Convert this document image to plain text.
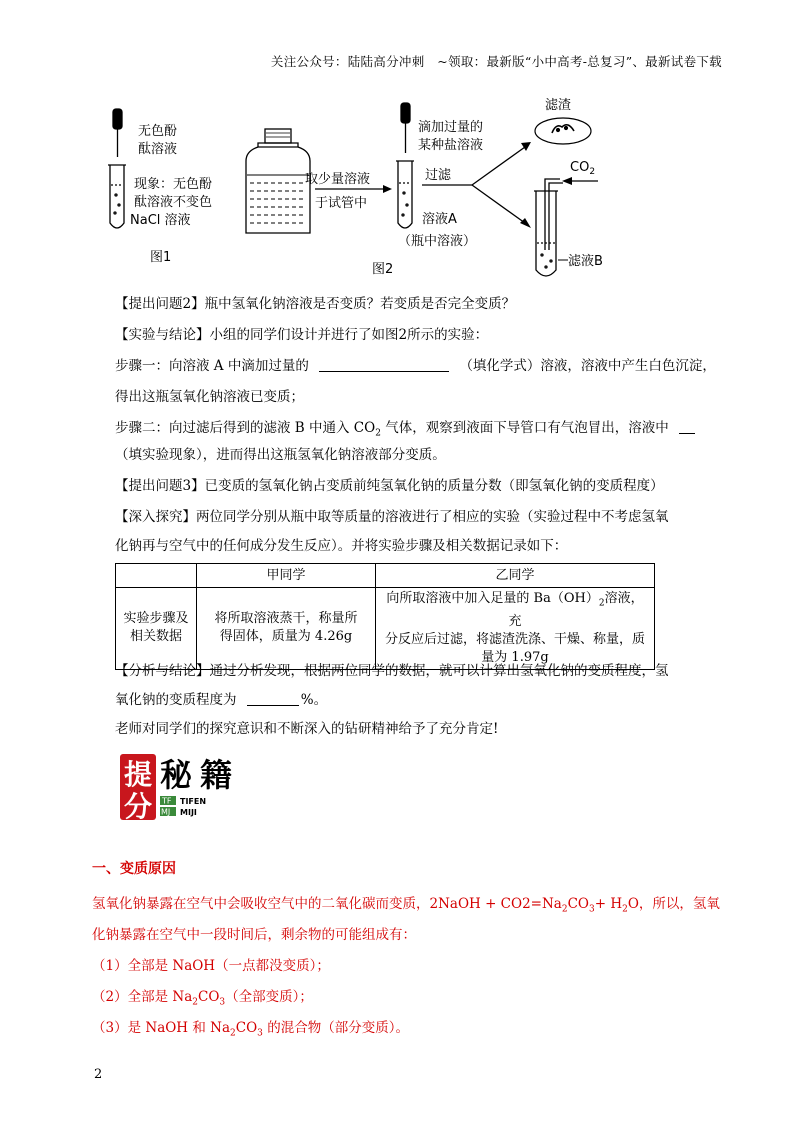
关注公众号：陆陆高分冲刺　~领取：最新版“小中高考-总复习”、最新试卷下载
无色酚
酞溶液
现象：无色酚
酞溶液不变色
NaCl 溶液
图1
取少量溶液
于试管中
滴加过量的
某种盐溶液
过滤
溶液A
（瓶中溶液）
图2
滤渣
$CO_2$
滤液B
【提出问题2】瓶中氢氧化钠溶液是否变质？若变质是否完全变质？
【实验与结论】小组的同学们设计并进行了如图2所示的实验：
步骤一：向溶液 A 中滴加过量的	（填化学式）溶液，溶液中产生白色沉淀，
得出这瓶氢氧化钠溶液已变质；
步骤二：向过滤后得到的滤液 B 中通入 $CO_2$ 气体，观察到液面下导管口有气泡冒出，溶液中
（填实验现象），进而得出这瓶氢氧化钠溶液部分变质。
【提出问题3】已变质的氢氧化钠占变质前纯氢氧化钠的质量分数（即氢氧化钠的变质程度）
【深入探究】两位同学分别从瓶中取等质量的溶液进行了相应的实验（实验过程中不考虑氢氧
化钠再与空气中的任何成分发生反应）。并将实验步骤及相关数据记录如下：
	甲同学	乙同学
实验步骤及
相关数据	将所取溶液蒸干，称量所
得固体，质量为 4.26g	向所取溶液中加入足量的 $Ba(OH)_2$溶液，充
分反应后过滤，将滤渣洗涤、干燥、称量，质
量为 1.97g
【分析与结论】通过分析发现，根据两位同学的数据，就可以计算出氢氧化钠的变质程度，氢
氧化钠的变质程度为	%。
老师对同学们的探究意识和不断深入的钻研精神给予了充分肯定!
提
分
秘 籍
TF
MJ
TIFEN
MIJI
一、变质原因
氢氧化钠暴露在空气中会吸收空气中的二氧化碳而变质，2NaOH + $CO2=Na_2CO_3+ H_2O$，所以，氢氧
化钠暴露在空气中一段时间后，剩余物的可能组成有：
（1）全部是 NaOH（一点都没变质）；
（2）全部是 $Na_2CO_3$（全部变质）；
（3）是 NaOH 和 $Na_2CO_3$ 的混合物（部分变质）。
2
